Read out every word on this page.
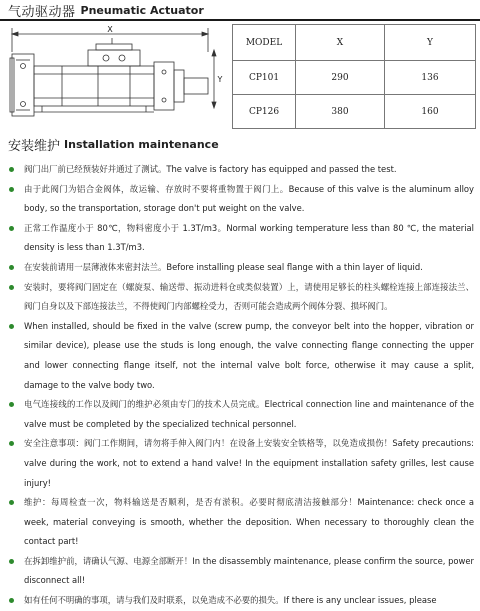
气动驱动器 Pneumatic Actuator
X
Y
MODEL	X	Y
CP101	290	136
CP126	380	160
安装维护 Installation maintenance
阀门出厂前已经预装好并通过了测试。The valve is factory has equipped and passed the test.
由于此阀门为铝合金阀体，故运输、存放时不要将重物置于阀门上。Because of this valve is the aluminum alloy body, so the transportation, storage don't put weight on the valve.
正常工作温度小于 80℃，物料密度小于 1.3T/m3。Normal working temperature less than 80 ℃, the material density is less than 1.3T/m3.
在安装前请用一层薄液体来密封法兰。Before installing please seal flange with a thin layer of liquid.
安装时，要将阀门固定在（螺旋泵、输送带、振动进料仓或类似装置）上，请使用足够长的柱头螺栓连接上部连接法兰、阀门自身以及下部连接法兰，不得使阀门内部螺栓受力，否则可能会造成两个阀体分裂、损坏阀门。
When installed, should be fixed in the valve (screw pump, the conveyor belt into the hopper, vibration or similar device), please use the studs is long enough, the valve connecting flange connecting the upper and lower connecting flange itself, not the internal valve bolt force, otherwise it may cause a split, damage to the valve body two.
电气连接线的工作以及阀门的维护必须由专门的技术人员完成。Electrical connection line and maintenance of the valve must be completed by the specialized technical personnel.
安全注意事项：阀门工作期间，请勿将手伸入阀门内！在设备上安装安全铁格等，以免造成损伤！Safety precautions: valve during the work, not to extend a hand valve! In the equipment installation safety grilles, lest cause injury!
维护：每周检查一次，物料输送是否顺利，是否有淤积。必要时彻底清洁接触部分！Maintenance: check once a week, material conveying is smooth, whether the deposition. When necessary to thoroughly clean the contact part!
在拆卸维护前，请确认气源、电源全部断开！In the disassembly maintenance, please confirm the source, power disconnect all!
如有任何不明确的事项，请与我们及时联系，以免造成不必要的损失。If there is any unclear issues, please
